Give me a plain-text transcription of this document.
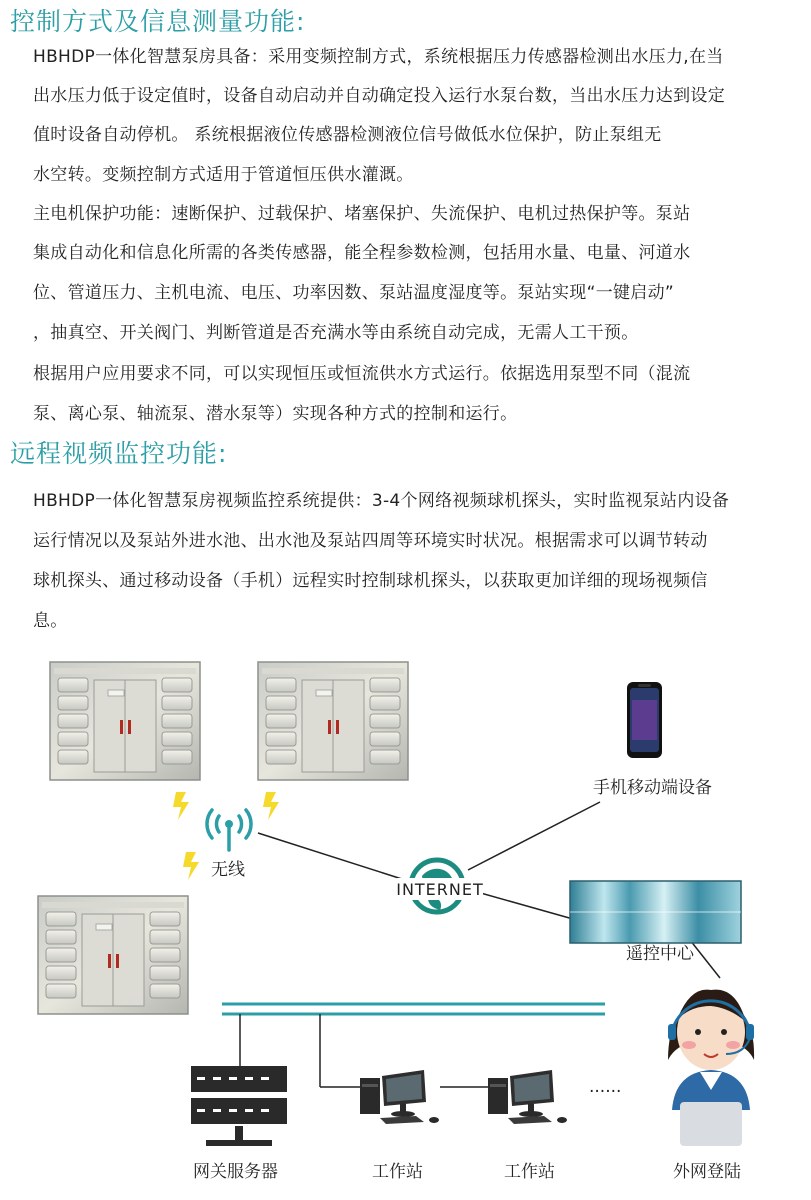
控制方式及信息测量功能:
HBHDP一体化智慧泵房具备：采用变频控制方式，系统根据压力传感器检测出水压力,在当
出水压力低于设定值时，设备自动启动并自动确定投入运行水泵台数，当出水压力达到设定
值时设备自动停机。 系统根据液位传感器检测液位信号做低水位保护，防止泵组无
水空转。变频控制方式适用于管道恒压供水灌溉。
主电机保护功能：速断保护、过载保护、堵塞保护、失流保护、电机过热保护等。泵站
集成自动化和信息化所需的各类传感器，能全程参数检测，包括用水量、电量、河道水
位、管道压力、主机电流、电压、功率因数、泵站温度湿度等。泵站实现“一键启动”
，抽真空、开关阀门、判断管道是否充满水等由系统自动完成，无需人工干预。
根据用户应用要求不同，可以实现恒压或恒流供水方式运行。依据选用泵型不同（混流
泵、离心泵、轴流泵、潜水泵等）实现各种方式的控制和运行。
远程视频监控功能:
HBHDP一体化智慧泵房视频监控系统提供：3-4个网络视频球机探头，实时监视泵站内设备
运行情况以及泵站外进水池、出水池及泵站四周等环境实时状况。根据需求可以调节转动
球机探头、通过移动设备（手机）远程实时控制球机探头，以获取更加详细的现场视频信
息。
无线
INTERNET
手机移动端设备
遥控中心
网关服务器	工作站	工作站
......
外网登陆
